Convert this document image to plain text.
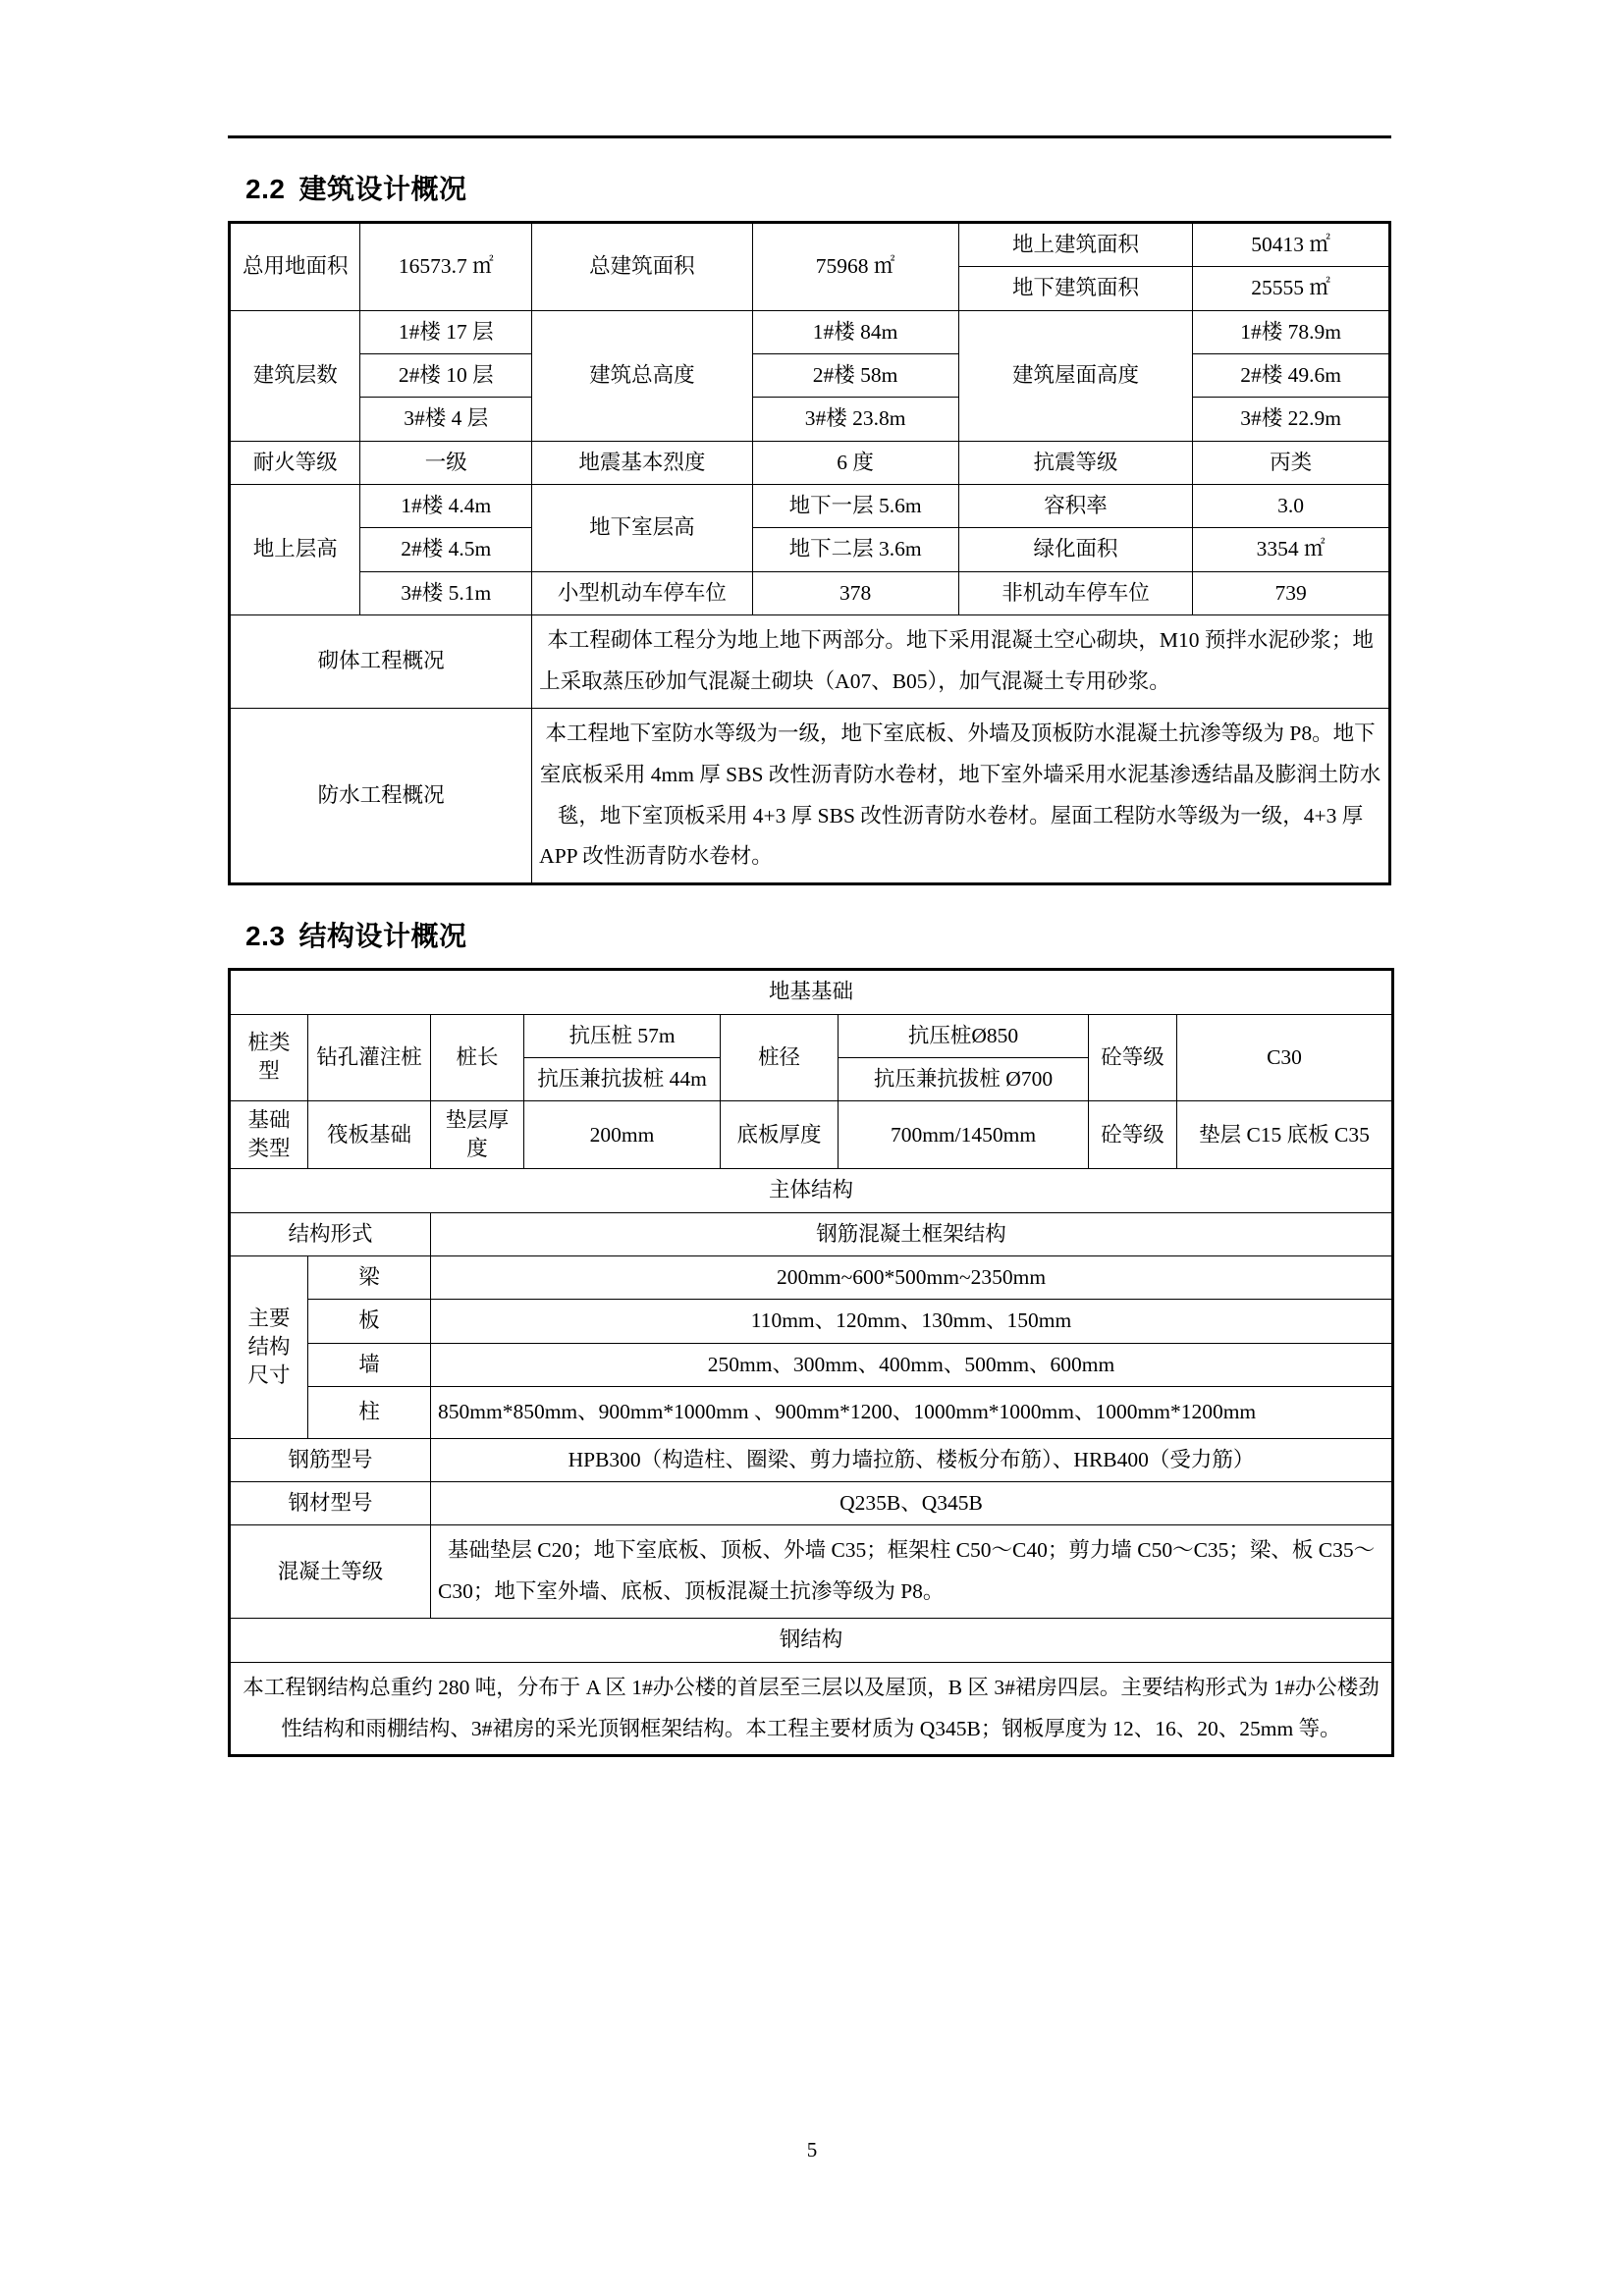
2.2 建筑设计概况
总用地面积	16573.7 ㎡	总建筑面积	75968 ㎡	地上建筑面积	50413 ㎡
				地下建筑面积	25555 ㎡
建筑层数	1#楼 17 层	建筑总高度	1#楼 84m	建筑屋面高度	1#楼 78.9m
	2#楼 10 层		2#楼 58m		2#楼 49.6m
	3#楼 4 层		3#楼 23.8m		3#楼 22.9m
耐火等级	一级	地震基本烈度	6 度	抗震等级	丙类
地上层高	1#楼 4.4m	地下室层高	地下一层 5.6m	容积率	3.0
	2#楼 4.5m		地下二层 3.6m	绿化面积	3354 ㎡
	3#楼 5.1m	小型机动车停车位	378	非机动车停车位	739
砌体工程概况		本工程砌体工程分为地上地下两部分。地下采用混凝土空心砌块，M10 预拌水泥砂浆；地上采取蒸压砂加气混凝土砌块（A07、B05），加气混凝土专用砂浆。			
防水工程概况		本工程地下室防水等级为一级，地下室底板、外墙及顶板防水混凝土抗渗等级为 P8。地下室底板采用 4mm 厚 SBS 改性沥青防水卷材，地下室外墙采用水泥基渗透结晶及膨润土防水毯，地下室顶板采用 4+3 厚 SBS 改性沥青防水卷材。屋面工程防水等级为一级，4+3 厚 APP 改性沥青防水卷材。			
2.3 结构设计概况
地基基础							
桩类型	钻孔灌注桩	桩长	抗压桩 57m	桩径	抗压桩Ø850	砼等级	C30
			抗压兼抗拔桩 44m		抗压兼抗拔桩 Ø700		
基础类型	筏板基础	垫层厚度	200mm	底板厚度	700mm/1450mm	砼等级	垫层 C15 底板 C35
主体结构							
结构形式		钢筋混凝土框架结构					
主要结构尺寸	梁	200mm~600*500mm~2350mm					
	板	110mm、120mm、130mm、150mm					
	墙	250mm、300mm、400mm、500mm、600mm					
	柱	850mm*850mm、900mm*1000mm 、900mm*1200、1000mm*1000mm、1000mm*1200mm					
钢筋型号		HPB300（构造柱、圈梁、剪力墙拉筋、楼板分布筋）、HRB400（受力筋）					
钢材型号		Q235B、Q345B					
混凝土等级		基础垫层 C20；地下室底板、顶板、外墙 C35；框架柱 C50～C40；剪力墙 C50～C35；梁、板 C35～C30；地下室外墙、底板、顶板混凝土抗渗等级为 P8。					
钢结构							
本工程钢结构总重约 280 吨，分布于 A 区 1#办公楼的首层至三层以及屋顶，B 区 3#裙房四层。主要结构形式为 1#办公楼劲性结构和雨棚结构、3#裙房的采光顶钢框架结构。本工程主要材质为 Q345B；钢板厚度为 12、16、20、25mm 等。							
5
